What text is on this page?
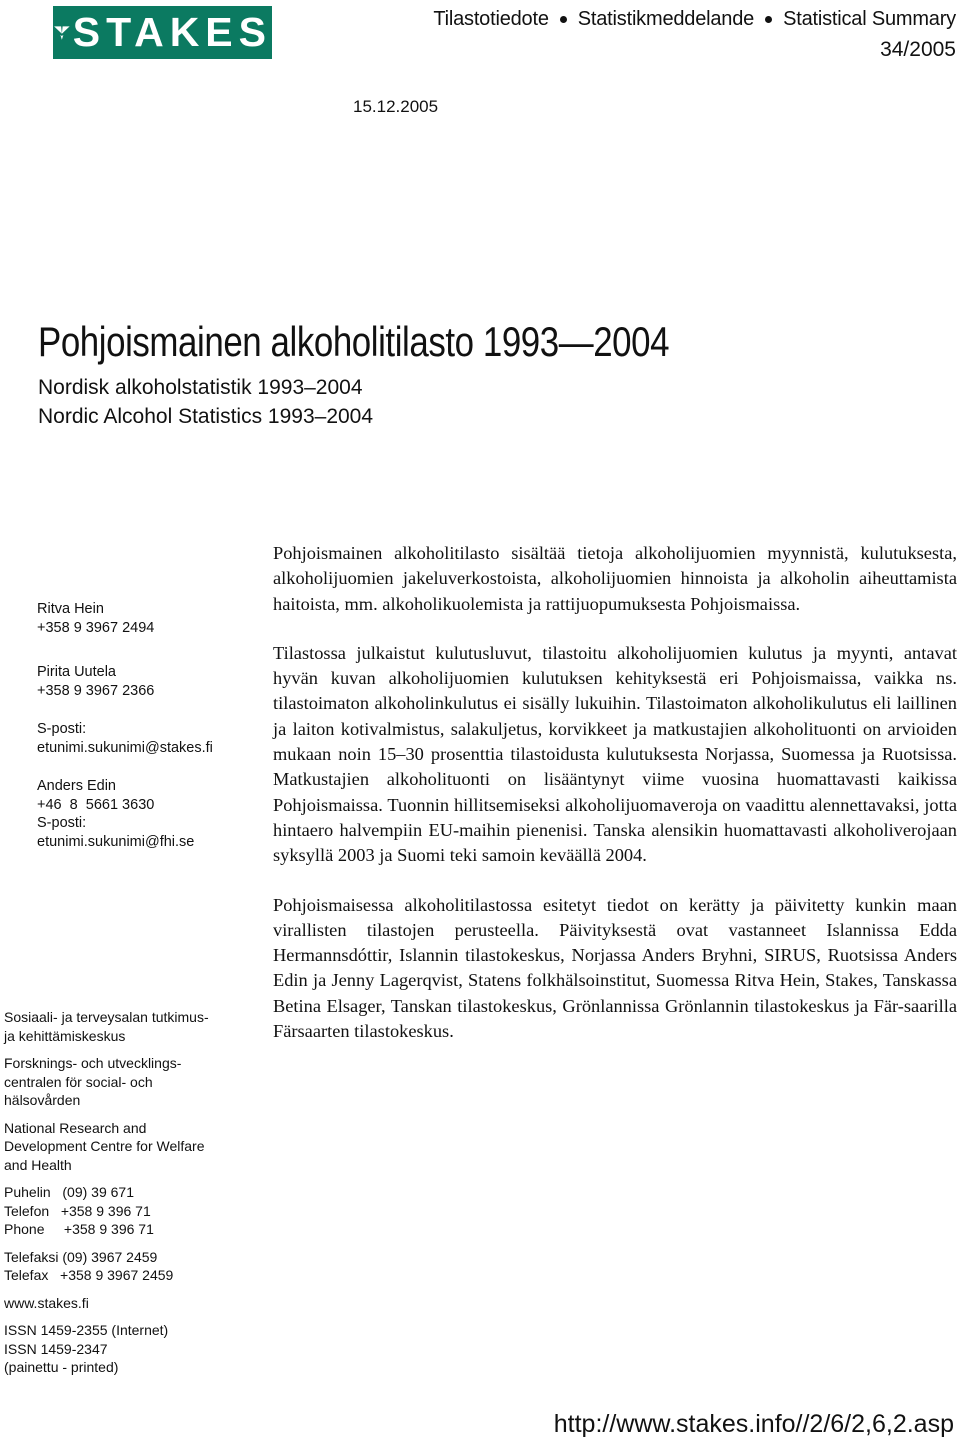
STAKES	Tilastotiedote Statistikmeddelande Statistical Summary
34/2005
15.12.2005
Pohjoismainen alkoholitilasto 1993—2004
Nordisk alkoholstatistik 1993–2004
Nordic Alcohol Statistics 1993–2004
Ritva Hein
+358 9 3967 2494
Pirita Uutela
+358 9 3967 2366
S-posti:
etunimi.sukunimi@stakes.fi
Anders Edin
+46  8  5661 3630
S-posti:
etunimi.sukunimi@fhi.se
Sosiaali- ja terveysalan tutkimus-
ja kehittämiskeskus
Forsknings- och utvecklings-
centralen för social- och
hälsovården
National Research and
Development Centre for Welfare
and Health
Puhelin   (09) 39 671
Telefon   +358 9 396 71
Phone     +358 9 396 71
Telefaksi (09) 3967 2459
Telefax   +358 9 3967 2459
www.stakes.fi
ISSN 1459-2355 (Internet)
ISSN 1459-2347
(painettu - printed)

Pohjoismainen alkoholitilasto sisältää tietoja alkoholijuomien myynnistä, kulutuksesta, alkoholijuomien jakeluverkostoista, alkoholijuomien hinnoista ja alkoholin aiheuttamista haitoista, mm. alkoholikuolemista ja rattijuopumuksesta Pohjoismaissa.

Tilastossa julkaistut kulutusluvut, tilastoitu alkoholijuomien kulutus ja myynti, antavat hyvän kuvan alkoholijuomien kulutuksen kehityksestä eri Pohjoismaissa, vaikka ns. tilastoimaton alkoholinkulutus ei sisälly lukuihin. Tilastoimaton alkoholikulutus eli laillinen ja laiton kotivalmistus, salakuljetus, korvikkeet ja matkustajien alkoholituonti on arvioiden mukaan noin 15–30 prosenttia tilastoidusta kulutuksesta Norjassa, Suomessa ja Ruotsissa. Matkustajien alkoholituonti on lisääntynyt viime vuosina huomattavasti kaikissa Pohjoismaissa. Tuonnin hillitsemiseksi alkoholijuomaveroja on vaadittu alennettavaksi, jotta hintaero halvempiin EU-maihin pienenisi. Tanska alensikin huomattavasti alkoholiverojaan syksyllä 2003 ja Suomi teki samoin keväällä 2004.

Pohjoismaisessa alkoholitilastossa esitetyt tiedot on kerätty ja päivitetty kunkin maan virallisten tilastojen perusteella. Päivityksestä ovat vastanneet Islannissa Edda Hermannsdóttir, Islannin tilastokeskus, Norjassa Anders Bryhni, SIRUS, Ruotsissa Anders Edin ja Jenny Lagerqvist, Statens folkhälsoinstitut, Suomessa Ritva Hein, Stakes, Tanskassa Betina Elsager, Tanskan tilastokeskus, Grönlannissa Grönlannin tilastokeskus ja Fär-saarilla Färsaarten tilastokeskus.

http://www.stakes.info//2/6/2,6,2.asp
